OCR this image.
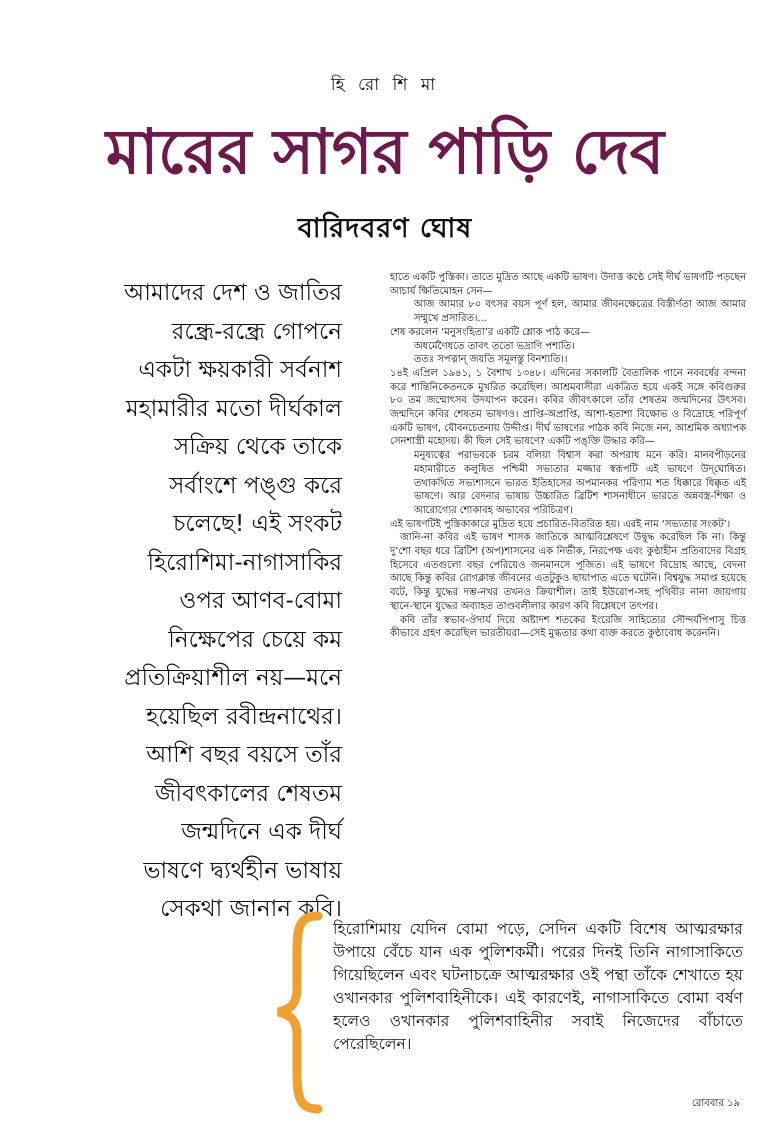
হি রো শি মা
মারের সাগর পাড়ি দেব
বারিদবরণ ঘোষ
আমাদের দেশ ও জাতির
রন্ধ্রে-রন্ধ্রে গোপনে
একটা ক্ষয়কারী সর্বনাশ
মহামারীর মতো দীর্ঘকাল
সক্রিয় থেকে তাকে
সর্বাংশে পঙ্গু করে
চলেছে! এই সংকট
হিরোশিমা-নাগাসাকির
ওপর আণব-বোমা
নিক্ষেপের চেয়ে কম
প্রতিক্রিয়াশীল নয়—মনে
হয়েছিল রবীন্দ্রনাথের।
আশি বছর বয়সে তাঁর
জীবৎকালের শেষতম
জন্মদিনে এক দীর্ঘ
ভাষণে দ্ব্যর্থহীন ভাষায়
সেকথা জানান কবি।

হাতে একটি পুস্তিকা। তাতে মুদ্রিত আছে একটি ভাষণ। উদাত্ত কণ্ঠে সেই দীর্ঘ ভাষণটি পড়ছেন আচার্য ক্ষিতিমোহন সেন—

আজ আমার ৮০ বৎসর বয়স পূর্ণ হল, আমার জীবনক্ষেত্রের বিস্তীর্ণতা আজ আমার সম্মুখে প্রসারিত।...

শেষ করলেন ‘মনুসংহিতা’র একটি শ্লোক পাঠ করে—

অধর্মেণৈধতে তাবৎ ততো ভদ্রাণি পশ্যতি।

ততঃ সপত্নান্ জয়তি সমূলস্তু বিনশ্যতি।।

১৪ই এপ্রিল ১৯৪১, ১ বৈশাখ ১৩৪৮। এদিনের সকালটি বৈতালিক গানে নববর্ষের বন্দনা করে শান্তিনিকেতনকে মুখরিত করেছিল। আশ্রমবাসীরা একত্রিত হয়ে একই সঙ্গে কবিগুরুর ৮০ তম জন্মোৎসব উদযাপন করেন। কবির জীবৎকালে তাঁর শেষতম জন্মদিনের উৎসব। জন্মদিনে কবির শেষতম ভাষণও। প্রাপ্তি-অপ্রাপ্তি, আশা-হতাশা বিক্ষোভ ও বিদ্রোহে পরিপূর্ণ একটি ভাষণ, যৌবনচেতনায় উদ্দীপ্ত। দীর্ঘ ভাষণের পাঠক কবি নিজে নন, আশ্রমিক অধ্যাপক সেনশাস্ত্রী মহোদয়। কী ছিল সেই ভাষণে? একটি পঙ্‌ক্তি উদ্ধার করি—

মনুষ্যত্বের পরাভবকে চরম বলিয়া বিশ্বাস করা অপরাধ মনে করি। মানবপীড়নের মহামারীতে কলুষিত পশ্চিমী সভ্যতার মজ্জার স্বরূপটি এই ভাষণে উদ্‌ঘোষিত। তথাকথিত সভ্যশাসনে ভারত ইতিহাসের অপমানকর পরিণাম শত ধিক্কারে ধিক্কৃত এই ভাষণে। আর বেদনার ভাষায় উচ্চারিত ব্রিটিশ শাসনাধীনে ভারতে অন্নবস্ত্র-শিক্ষা ও আরোগ্যের শোকাবহ অভাবের পরিচিত্রণ।

এই ভাষণটিই পুস্তিকাকারে মুদ্রিত হয়ে প্রচারিত-বিতরিত হয়। এরই নাম ‘সভ্যতার সংকট’।

জানি-না কবির এই ভাষণ শাসক জাতিকে আত্মবিশ্লেষণে উদ্বুদ্ধ করেছিল কি না। কিন্তু দু’শো বছর ধরে ব্রিটিশ (অপ)শাসনের এক নির্ভীক, নিরপেক্ষ এবং কুণ্ঠাহীন প্রতিবাদের বিগ্রহ হিসেবে এতগুলো বছর পেরিয়েও জনমানসে পূজিত। এই ভাষণে বিদ্রোহ আছে, বেদনা আছে কিন্তু কবির রোগক্লান্ত জীবনের এতটুকুও ছায়াপাত এতে ঘটেনি। বিশ্বযুদ্ধ সমাপ্ত হয়েছে বটে, কিন্তু যুদ্ধের দম্ভ-নখর তখনও ক্রিয়াশীল। তাই ইউরোপ-সহ পৃথিবীর নানা জায়গায় স্থানে-স্থানে যুদ্ধের অব্যাহত তাণ্ডবলীলার কারণ কবি বিশ্লেষণে তৎপর।

কবি তাঁর স্বভাব-ঔদার্য দিয়ে অষ্টাদশ শতকের ইংরেজি সাহিত্যের সৌন্দর্যপিপাসু চিত্ত কীভাবে গ্রহণ করেছিল ভারতীয়রা—সেই মুগ্ধতার কথা ব্যক্ত করতে কুণ্ঠাবোধ করেননি।

হিরোশিমায় যেদিন বোমা পড়ে, সেদিন একটি বিশেষ আত্মরক্ষার উপায়ে বেঁচে যান এক পুলিশকর্মী। পরের দিনই তিনি নাগাসাকিতে গিয়েছিলেন এবং ঘটনাচক্রে আত্মরক্ষার ওই পন্থা তাঁকে শেখাতে হয় ওখানকার পুলিশবাহিনীকে। এই কারণেই, নাগাসাকিতে বোমা বর্ষণ হলেও ওখানকার পুলিশবাহিনীর সবাই নিজেদের বাঁচাতে পেরেছিলেন।
রোববার ১৯
